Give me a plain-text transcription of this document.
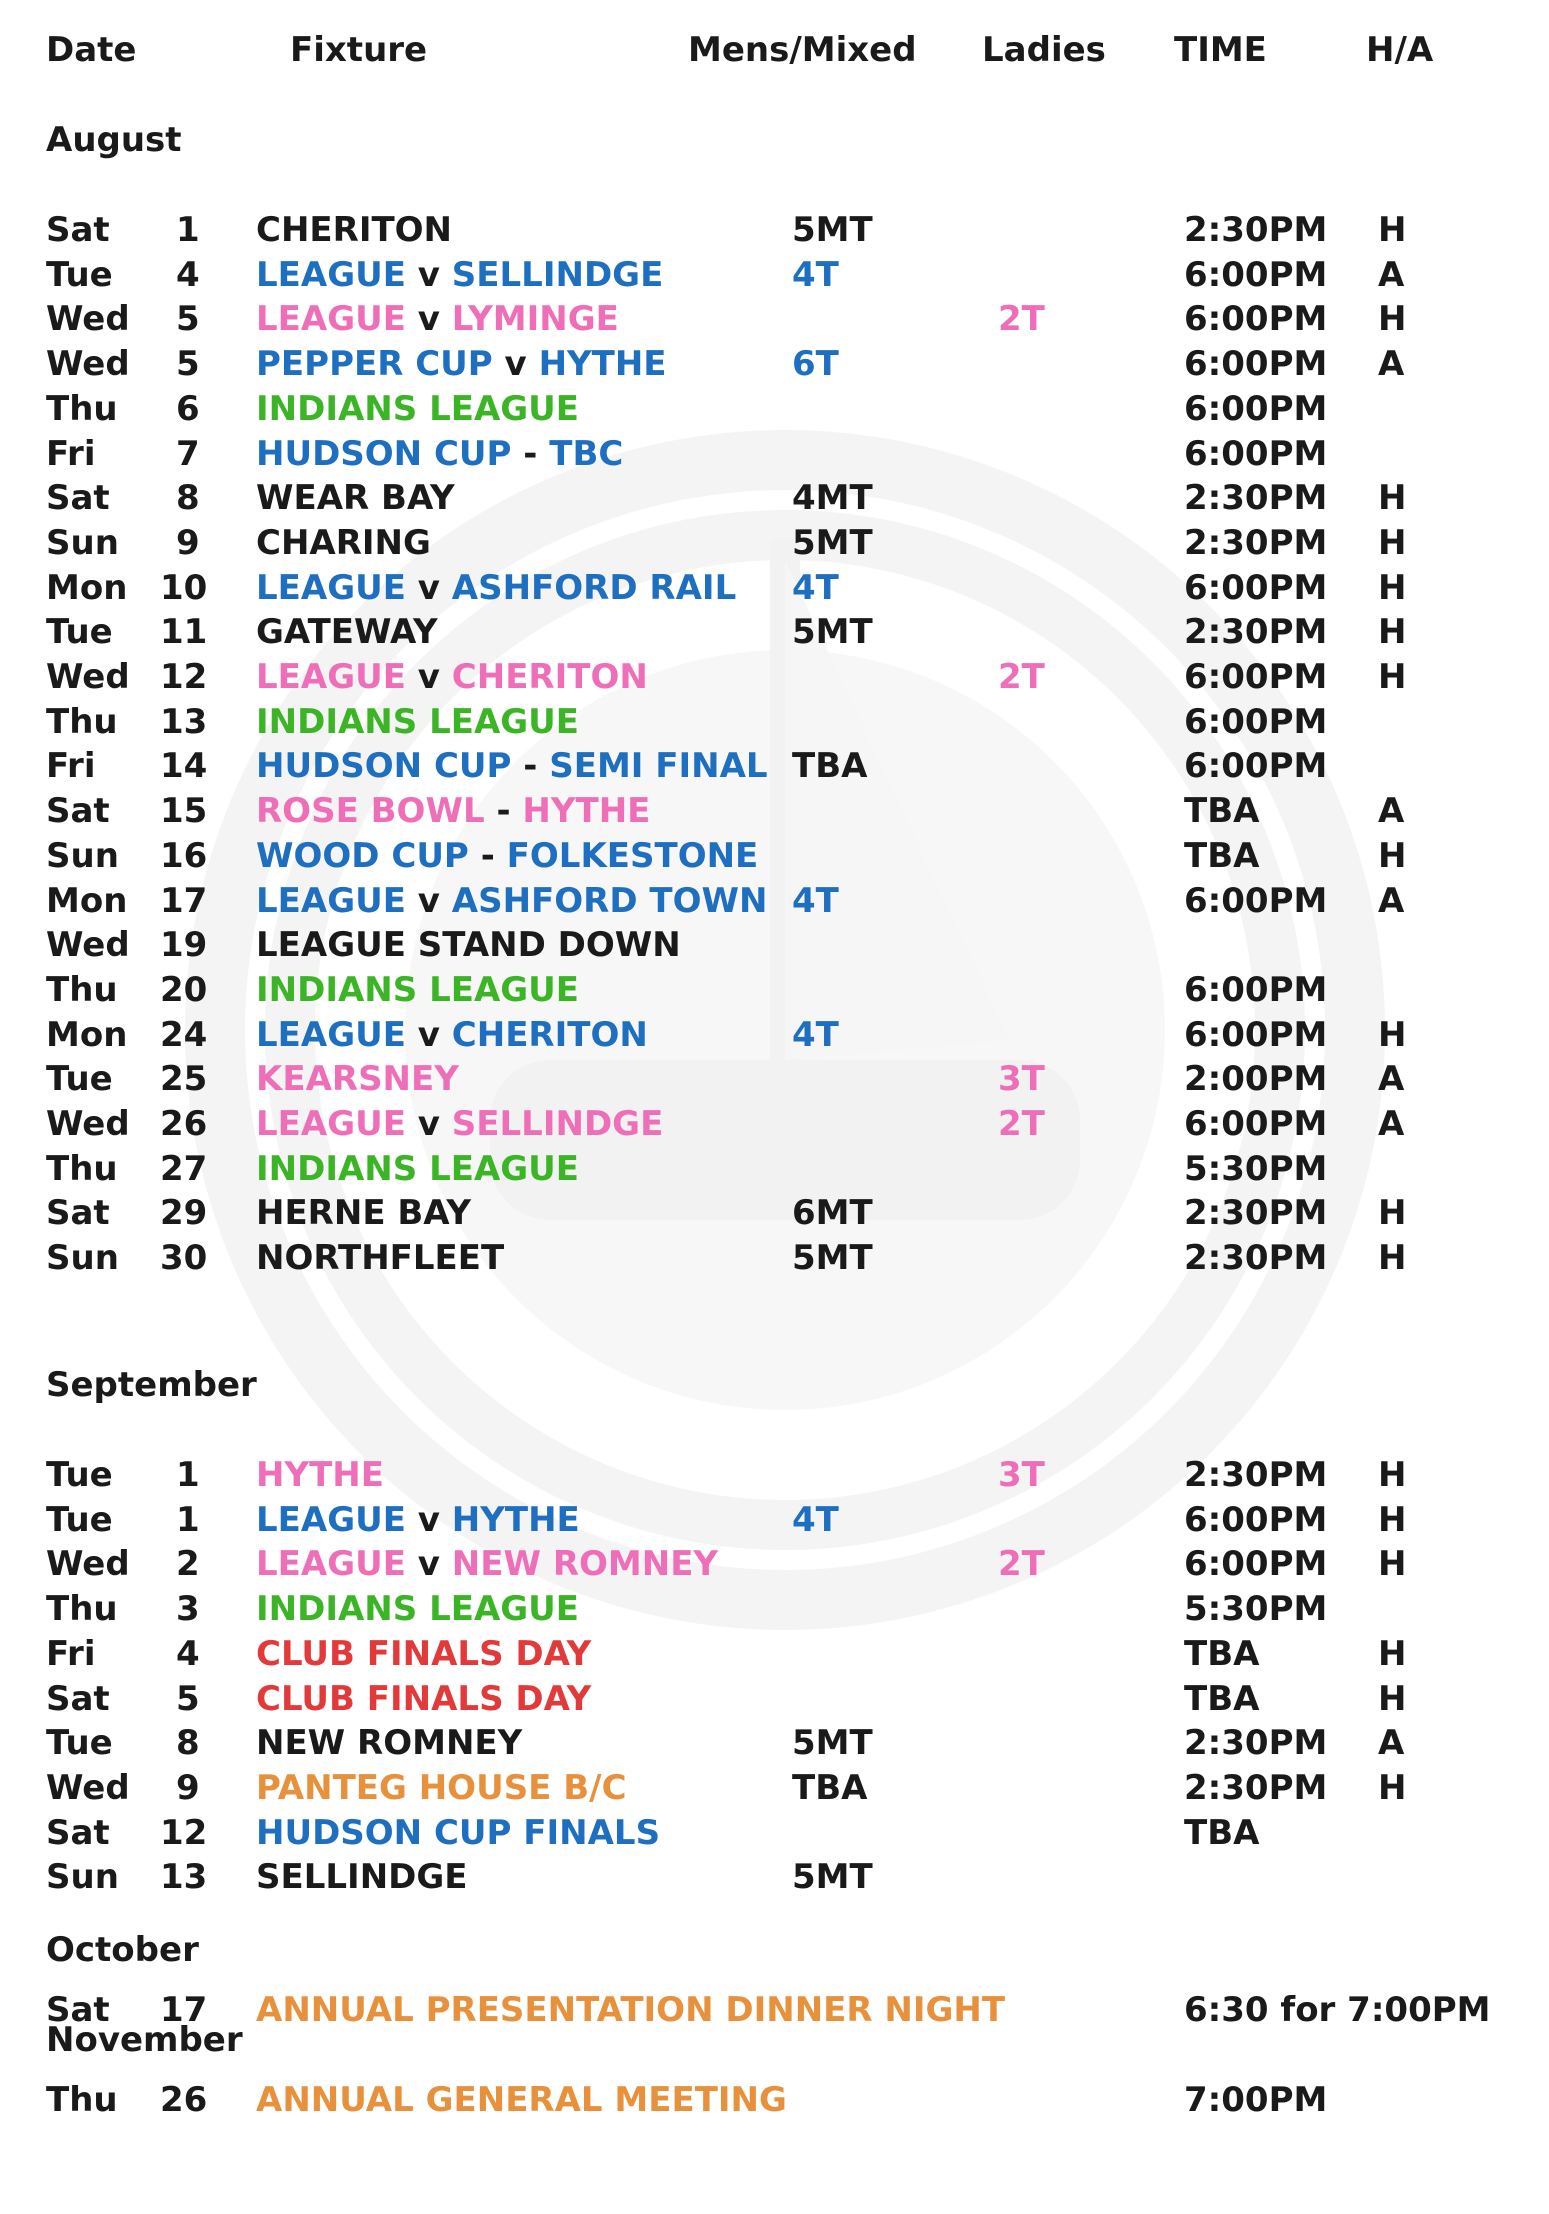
Date	Fixture	Mens/Mixed Ladies TIME	H/A
August
Sat 1 CHERITON	5MT	2:30PM H
Tue 4 LEAGUE v SELLINDGE	4T	6:00PM A
Wed 5 LEAGUE v LYMINGE	2T	6:00PM H
Wed 5 PEPPER CUP v HYTHE	6T	6:00PM A
Thu 6 INDIANS LEAGUE	6:00PM
Fri 7 HUDSON CUP - TBC	6:00PM
Sat 8 WEAR BAY	4MT	2:30PM H
Sun 9 CHARING	5MT	2:30PM H
Mon 10 LEAGUE v ASHFORD RAIL 4T	6:00PM H
Tue 11 GATEWAY	5MT	2:30PM H
Wed 12 LEAGUE v CHERITON	2T	6:00PM H
Thu 13 INDIANS LEAGUE	6:00PM
Fri 14 HUDSON CUP - SEMI FINAL TBA	6:00PM
Sat 15 ROSE BOWL - HYTHE	TBA	A
Sun 16 WOOD CUP - FOLKESTONE	TBA	H
Mon 17 LEAGUE v ASHFORD TOWN 4T	6:00PM A
Wed 19 LEAGUE STAND DOWN
Thu 20 INDIANS LEAGUE	6:00PM
Mon 24 LEAGUE v CHERITON	4T	6:00PM H
Tue 25 KEARSNEY	3T	2:00PM A
Wed 26 LEAGUE v SELLINDGE	2T	6:00PM A
Thu 27 INDIANS LEAGUE	5:30PM
Sat 29 HERNE BAY	6MT	2:30PM H
Sun 30 NORTHFLEET	5MT	2:30PM H
September
Tue 1 HYTHE	3T	2:30PM H
Tue 1 LEAGUE v HYTHE	4T	6:00PM H
Wed 2 LEAGUE v NEW ROMNEY	2T	6:00PM H
Thu 3 INDIANS LEAGUE	5:30PM
Fri 4 CLUB FINALS DAY	TBA	H
Sat 5 CLUB FINALS DAY	TBA	H
Tue 8 NEW ROMNEY	5MT	2:30PM A
Wed 9 PANTEG HOUSE B/C	TBA	2:30PM H
Sat 12 HUDSON CUP FINALS	TBA
Sun 13 SELLINDGE	5MT
October
Sat 17 ANNUAL PRESENTATION DINNER NIGHT	6:30 for 7:00PM
November
Thu 26 ANNUAL GENERAL MEETING	7:00PM
